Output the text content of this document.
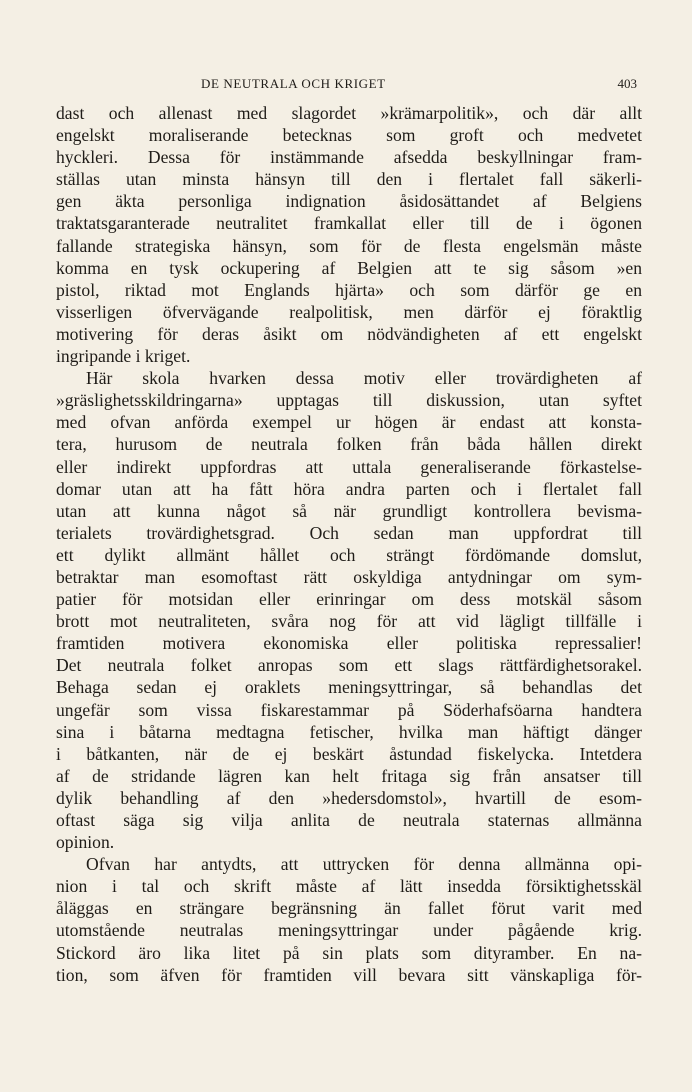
DE NEUTRALA OCH KRIGET	403
dast och allenast med slagordet »krämarpolitik», och där allt
engelskt moraliserande betecknas som groft och medvetet
hyckleri. Dessa för instämmande afsedda beskyllningar fram-
ställas utan minsta hänsyn till den i flertalet fall säkerli-
gen äkta personliga indignation åsidosättandet af Belgiens
traktatsgaranterade neutralitet framkallat eller till de i ögonen
fallande strategiska hänsyn, som för de flesta engelsmän måste
komma en tysk ockupering af Belgien att te sig såsom »en
pistol, riktad mot Englands hjärta» och som därför ge en
visserligen öfvervägande realpolitisk, men därför ej föraktlig
motivering för deras åsikt om nödvändigheten af ett engelskt
ingripande i kriget.
Här skola hvarken dessa motiv eller trovärdigheten af
»gräslighetsskildringarna» upptagas till diskussion, utan syftet
med ofvan anförda exempel ur högen är endast att konsta-
tera, hurusom de neutrala folken från båda hållen direkt
eller indirekt uppfordras att uttala generaliserande förkastelse-
domar utan att ha fått höra andra parten och i flertalet fall
utan att kunna något så när grundligt kontrollera bevisma-
terialets trovärdighetsgrad. Och sedan man uppfordrat till
ett dylikt allmänt hållet och strängt fördömande domslut,
betraktar man esomoftast rätt oskyldiga antydningar om sym-
patier för motsidan eller erinringar om dess motskäl såsom
brott mot neutraliteten, svåra nog för att vid lägligt tillfälle i
framtiden motivera ekonomiska eller politiska repressalier!
Det neutrala folket anropas som ett slags rättfärdighetsorakel.
Behaga sedan ej oraklets meningsyttringar, så behandlas det
ungefär som vissa fiskarestammar på Söderhafsöarna handtera
sina i båtarna medtagna fetischer, hvilka man häftigt dänger
i båtkanten, när de ej beskärt åstundad fiskelycka. Intetdera
af de stridande lägren kan helt fritaga sig från ansatser till
dylik behandling af den »hedersdomstol», hvartill de esom-
oftast säga sig vilja anlita de neutrala staternas allmänna
opinion.
Ofvan har antydts, att uttrycken för denna allmänna opi-
nion i tal och skrift måste af lätt insedda försiktighetsskäl
åläggas en strängare begränsning än fallet förut varit med
utomstående neutralas meningsyttringar under pågående krig.
Stickord äro lika litet på sin plats som dityramber. En na-
tion, som äfven för framtiden vill bevara sitt vänskapliga för-
